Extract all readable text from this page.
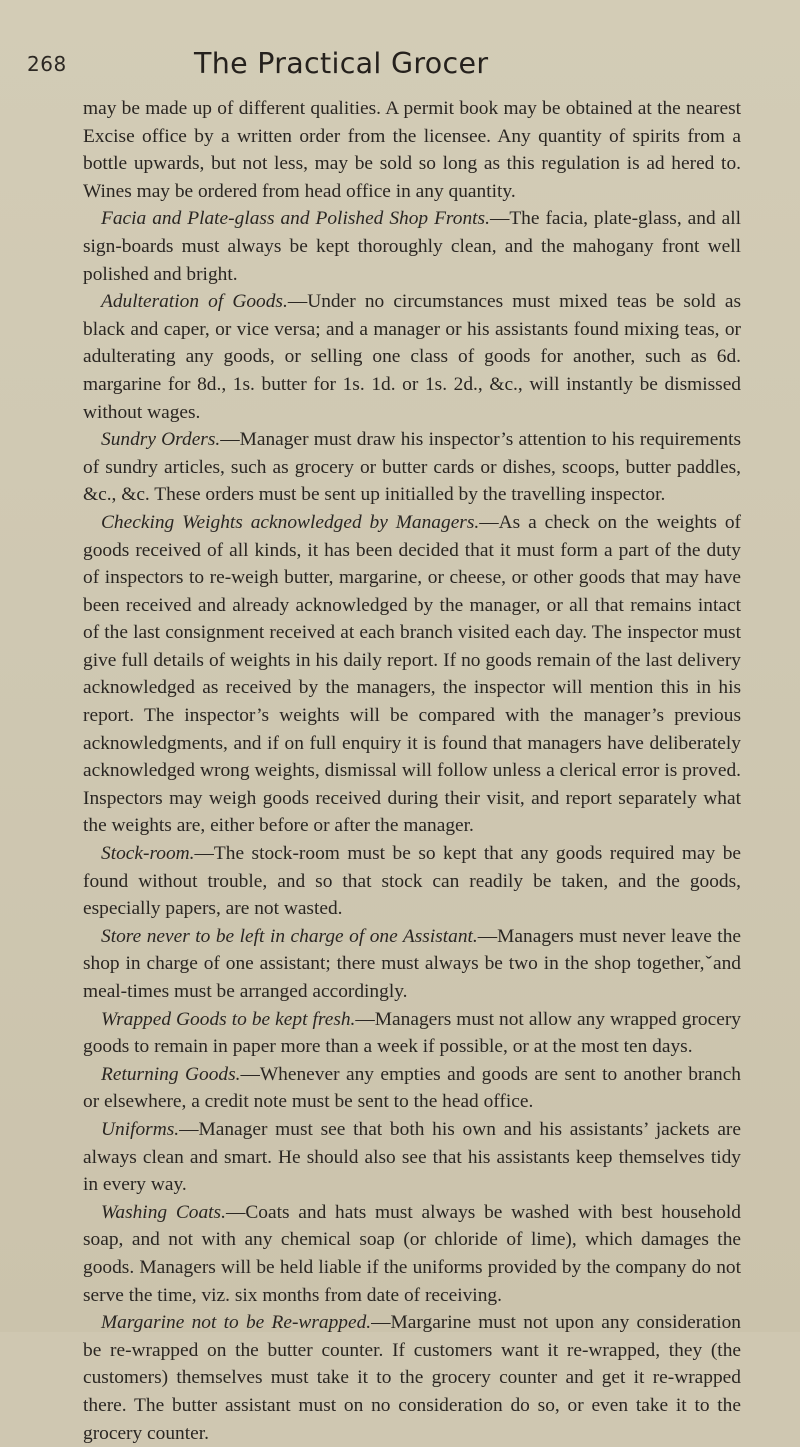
268	The Practical Grocer

may be made up of different qualities. A permit book may be obtained at the nearest Excise office by a written order from the licensee. Any quantity of spirits from a bottle upwards, but not less, may be sold so long as this regulation is ad hered to. Wines may be ordered from head office in any quantity.

Facia and Plate-glass and Polished Shop Fronts.—The facia, plate-glass, and all sign-boards must always be kept thoroughly clean, and the mahogany front well polished and bright.

Adulteration of Goods.—Under no circumstances must mixed teas be sold as black and caper, or vice versa; and a manager or his assistants found mixing teas, or adulterating any goods, or selling one class of goods for another, such as 6d. margarine for 8d., 1s. butter for 1s. 1d. or 1s. 2d., &c., will instantly be dismissed without wages.

Sundry Orders.—Manager must draw his inspector’s attention to his requirements of sundry articles, such as grocery or butter cards or dishes, scoops, butter paddles, &c., &c. These orders must be sent up initialled by the travelling inspector.

Checking Weights acknowledged by Managers.—As a check on the weights of goods received of all kinds, it has been decided that it must form a part of the duty of inspectors to re-weigh butter, margarine, or cheese, or other goods that may have been received and already acknowledged by the manager, or all that remains intact of the last consignment received at each branch visited each day. The inspector must give full details of weights in his daily report. If no goods remain of the last delivery acknowledged as received by the managers, the inspector will mention this in his report. The inspector’s weights will be compared with the manager’s previous acknowledgments, and if on full enquiry it is found that managers have deliberately acknowledged wrong weights, dismissal will follow unless a clerical error is proved. Inspectors may weigh goods received during their visit, and report separately what the weights are, either before or after the manager.

Stock-room.—The stock-room must be so kept that any goods required may be found without trouble, and so that stock can readily be taken, and the goods, especially papers, are not wasted.

Store never to be left in charge of one Assistant.—Managers must never leave the shop in charge of one assistant; there must always be two in the shop together,ˇand meal-times must be arranged accordingly.

Wrapped Goods to be kept fresh.—Managers must not allow any wrapped grocery goods to remain in paper more than a week if possible, or at the most ten days.

Returning Goods.—Whenever any empties and goods are sent to another branch or elsewhere, a credit note must be sent to the head office.

Uniforms.—Manager must see that both his own and his assistants’ jackets are always clean and smart. He should also see that his assistants keep themselves tidy in every way.

Washing Coats.—Coats and hats must always be washed with best household soap, and not with any chemical soap (or chloride of lime), which damages the goods. Managers will be held liable if the uniforms provided by the company do not serve the time, viz. six months from date of receiving.

Margarine not to be Re-wrapped.—Margarine must not upon any consideration be re-wrapped on the butter counter. If customers want it re-wrapped, they (the customers) themselves must take it to the grocery counter and get it re-wrapped there. The butter assistant must on no consideration do so, or even take it to the grocery counter.
